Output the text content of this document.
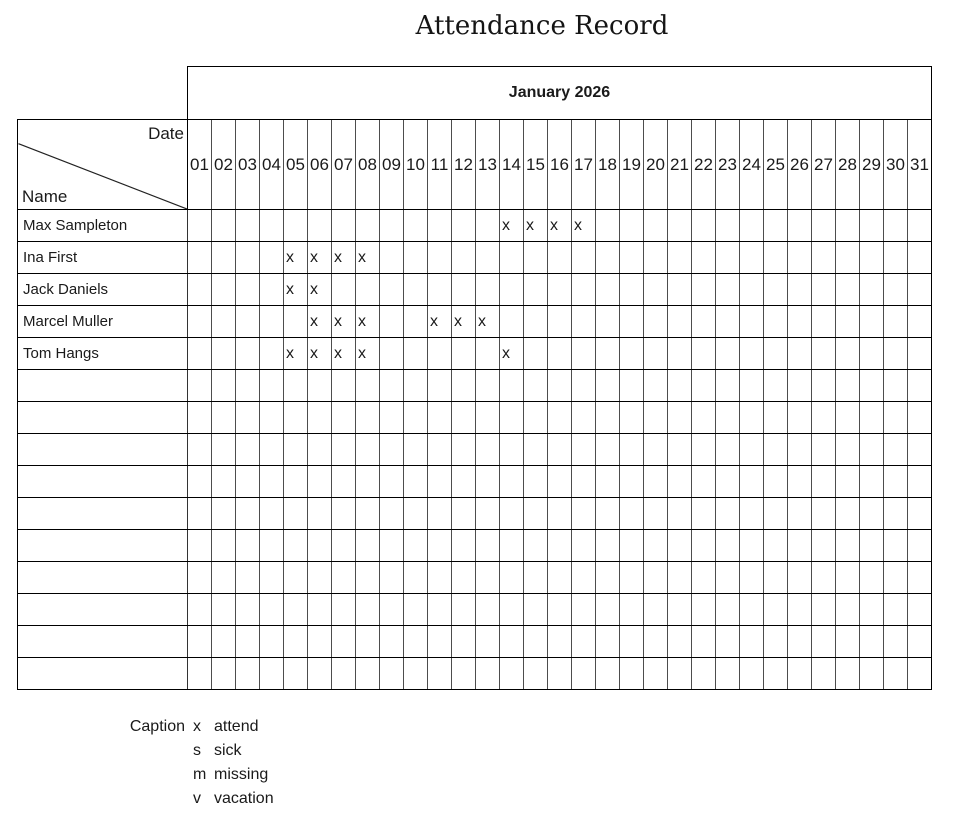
Attendance Record
	January 2026																														

Date
Name	01	02	03	04	05	06	07	08	09	10	11	12	13	14	15	16	17	18	19	20	21	22	23	24	25	26	27	28	29	30	31
Max Sampleton														x	x	x	x														
Ina First					x	x	x	x																							
Jack Daniels					x	x																									
Marcel Muller						x	x	x			x	x	x																		
Tom Hangs					x	x	x	x						x																	

Caption x attend
s sick
m missing
v vacation
